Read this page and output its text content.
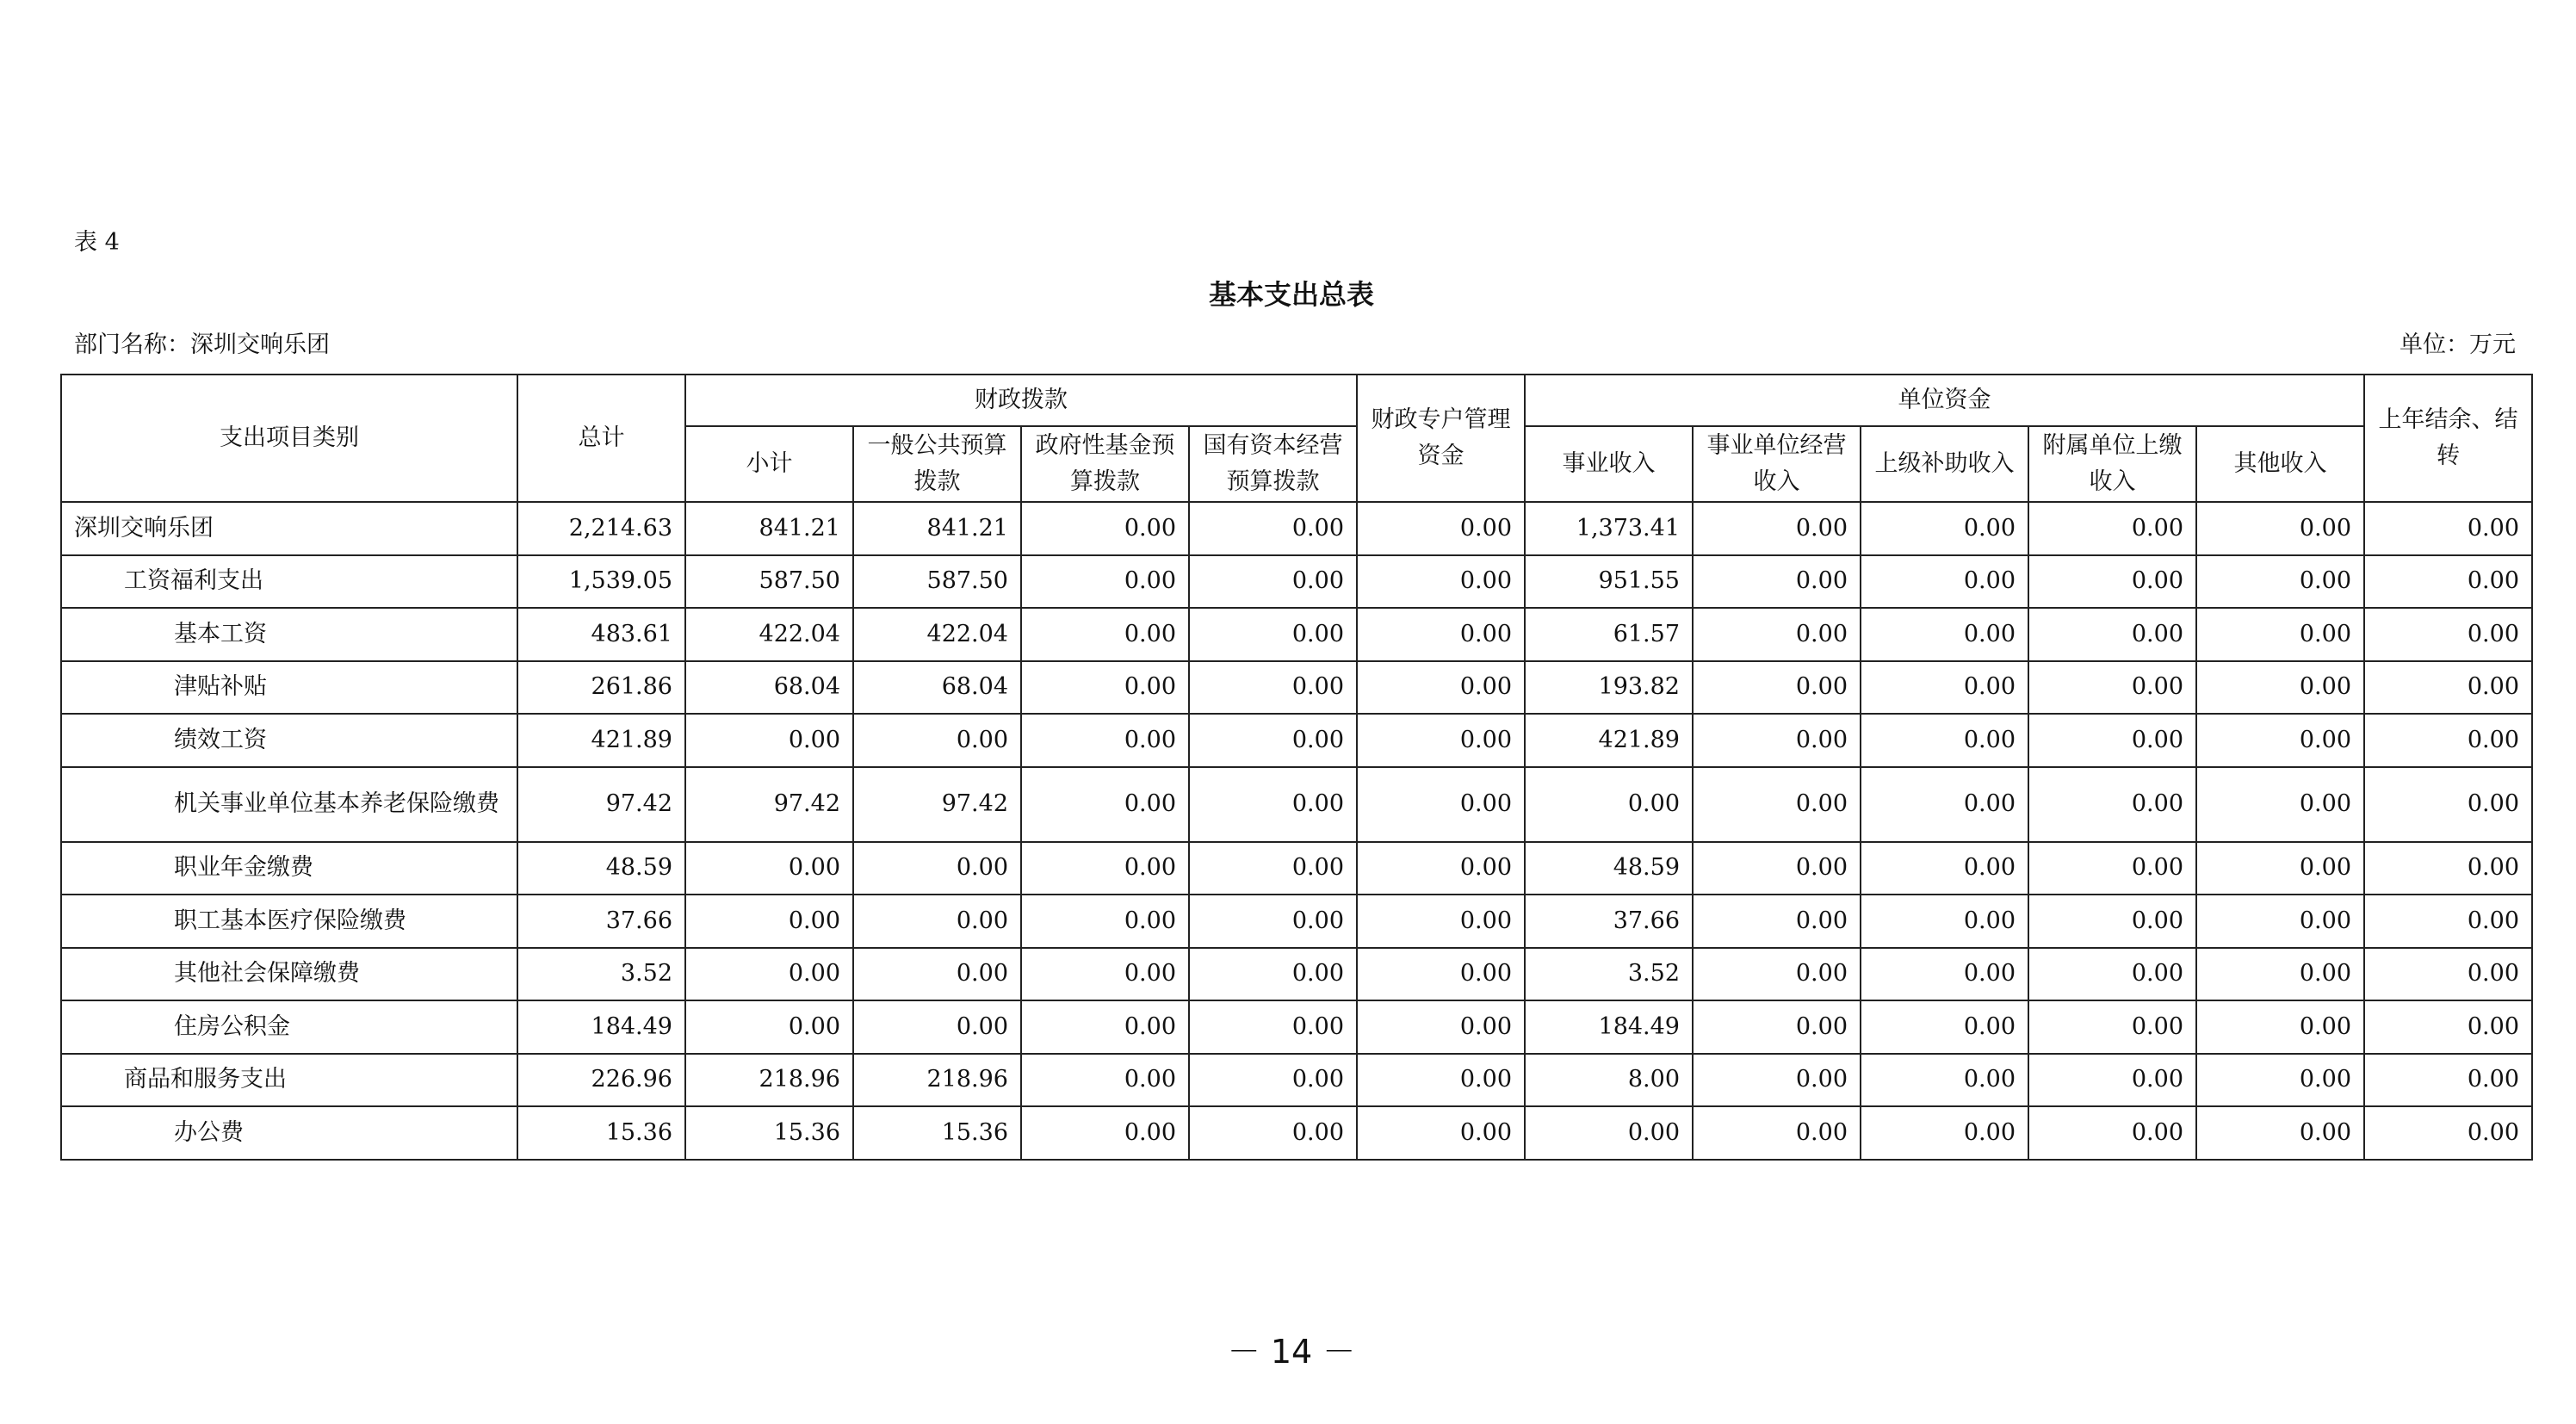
表 4
基本支出总表
部门名称：深圳交响乐团	单位：万元
支出项目类别	总计	财政拨款				财政专户管理资金	单位资金					上年结余、结转
		小计	一般公共预算拨款	政府性基金预算拨款	国有资本经营预算拨款		事业收入	事业单位经营收入	上级补助收入	附属单位上缴收入	其他收入	
深圳交响乐团	2,214.63	841.21	841.21	0.00	0.00	0.00	1,373.41	0.00	0.00	0.00	0.00	0.00
工资福利支出	1,539.05	587.50	587.50	0.00	0.00	0.00	951.55	0.00	0.00	0.00	0.00	0.00
基本工资	483.61	422.04	422.04	0.00	0.00	0.00	61.57	0.00	0.00	0.00	0.00	0.00
津贴补贴	261.86	68.04	68.04	0.00	0.00	0.00	193.82	0.00	0.00	0.00	0.00	0.00
绩效工资	421.89	0.00	0.00	0.00	0.00	0.00	421.89	0.00	0.00	0.00	0.00	0.00
机关事业单位基本养老保险缴费	97.42	97.42	97.42	0.00	0.00	0.00	0.00	0.00	0.00	0.00	0.00	0.00
职业年金缴费	48.59	0.00	0.00	0.00	0.00	0.00	48.59	0.00	0.00	0.00	0.00	0.00
职工基本医疗保险缴费	37.66	0.00	0.00	0.00	0.00	0.00	37.66	0.00	0.00	0.00	0.00	0.00
其他社会保障缴费	3.52	0.00	0.00	0.00	0.00	0.00	3.52	0.00	0.00	0.00	0.00	0.00
住房公积金	184.49	0.00	0.00	0.00	0.00	0.00	184.49	0.00	0.00	0.00	0.00	0.00
商品和服务支出	226.96	218.96	218.96	0.00	0.00	0.00	8.00	0.00	0.00	0.00	0.00	0.00
办公费	15.36	15.36	15.36	0.00	0.00	0.00	0.00	0.00	0.00	0.00	0.00	0.00
－ 14 －
